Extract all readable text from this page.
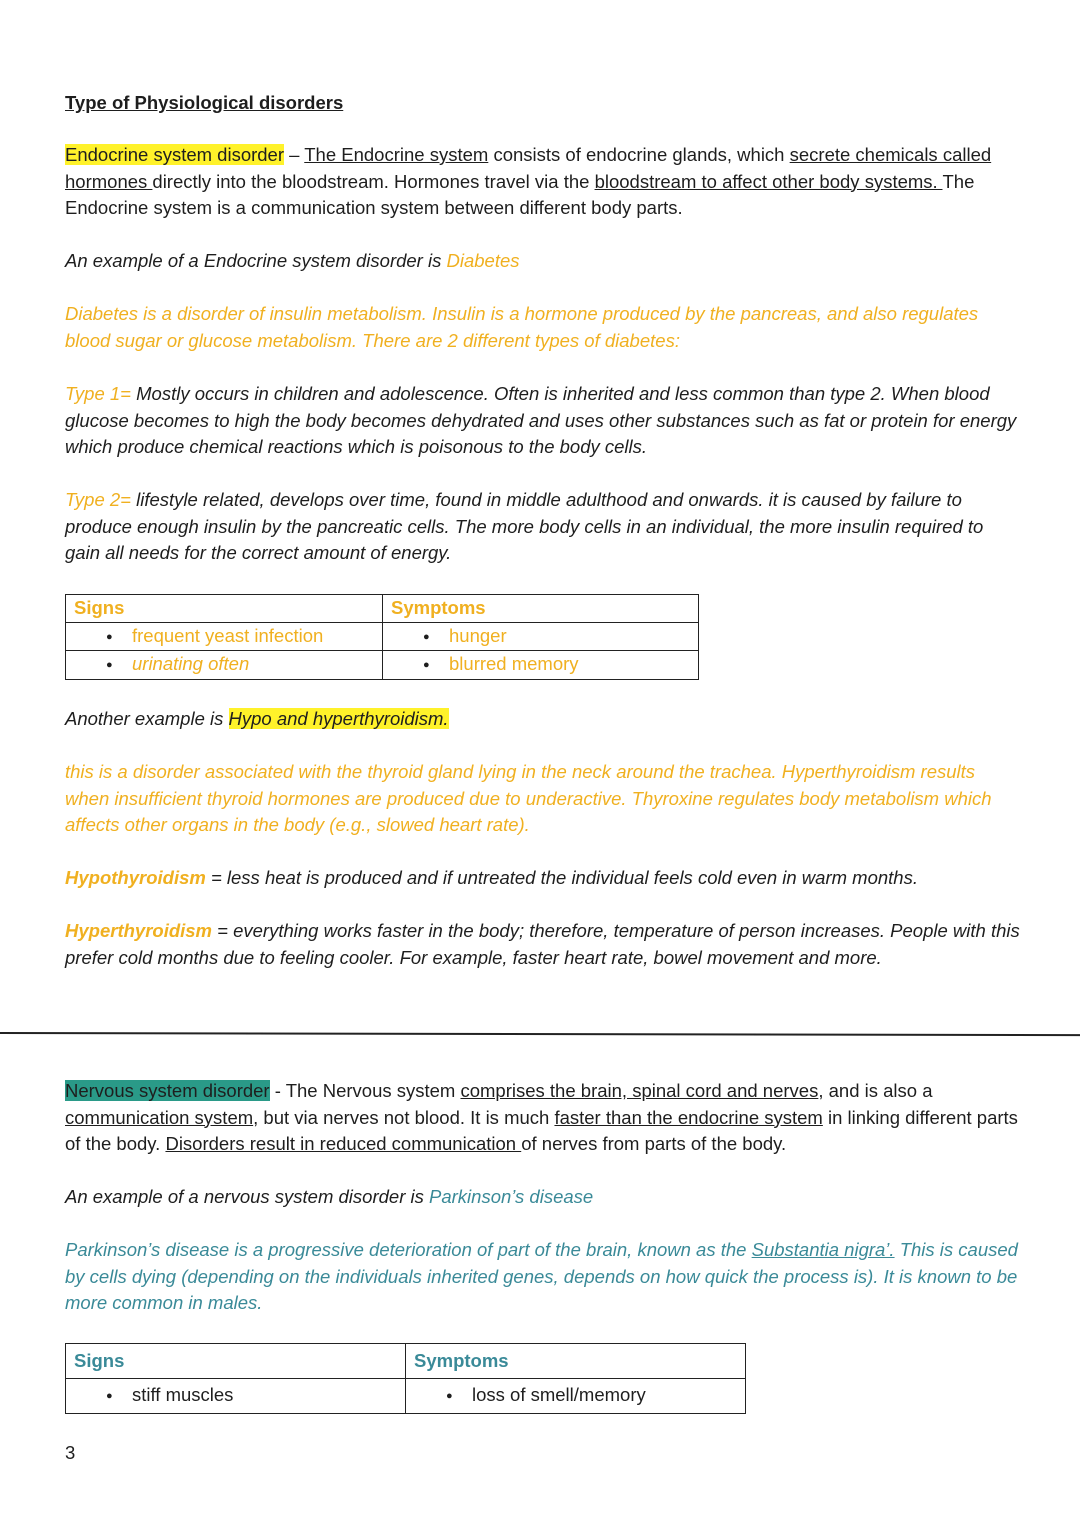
Type of Physiological disorders

Endocrine system disorder – The Endocrine system consists of endocrine glands, which secrete chemicals called hormones directly into the bloodstream. Hormones travel via the bloodstream to affect other body systems. The Endocrine system is a communication system between different body parts.

An example of a Endocrine system disorder is Diabetes

Diabetes is a disorder of insulin metabolism. Insulin is a hormone produced by the pancreas, and also regulates blood sugar or glucose metabolism. There are 2 different types of diabetes:

Type 1= Mostly occurs in children and adolescence. Often is inherited and less common than type 2. When blood glucose becomes to high the body becomes dehydrated and uses other substances such as fat or protein for energy which produce chemical reactions which is poisonous to the body cells.

Type 2= lifestyle related, develops over time, found in middle adulthood and onwards. it is caused by failure to produce enough insulin by the pancreatic cells. The more body cells in an individual, the more insulin required to gain all needs for the correct amount of energy.

Signs	Symptoms
● frequent yeast infection	●hunger
● urinating often	●blurred memory

Another example is Hypo and hyperthyroidism.

this is a disorder associated with the thyroid gland lying in the neck around the trachea. Hyperthyroidism results when insufficient thyroid hormones are produced due to underactive. Thyroxine regulates body metabolism which affects other organs in the body (e.g., slowed heart rate).

Hypothyroidism = less heat is produced and if untreated the individual feels cold even in warm months.

Hyperthyroidism = everything works faster in the body; therefore, temperature of person increases. People with this prefer cold months due to feeling cooler. For example, faster heart rate, bowel movement and more.

Nervous system disorder - The Nervous system comprises the brain, spinal cord and nerves, and is also a communication system, but via nerves not blood. It is much faster than the endocrine system in linking different parts of the body. Disorders result in reduced communication of nerves from parts of the body.

An example of a nervous system disorder is Parkinson’s disease

Parkinson’s disease is a progressive deterioration of part of the brain, known as the Substantia nigra’. This is caused by cells dying (depending on the individuals inherited genes, depends on how quick the process is). It is known to be more common in males.

Signs	Symptoms
● stiff muscles	●loss of smell/memory
3
